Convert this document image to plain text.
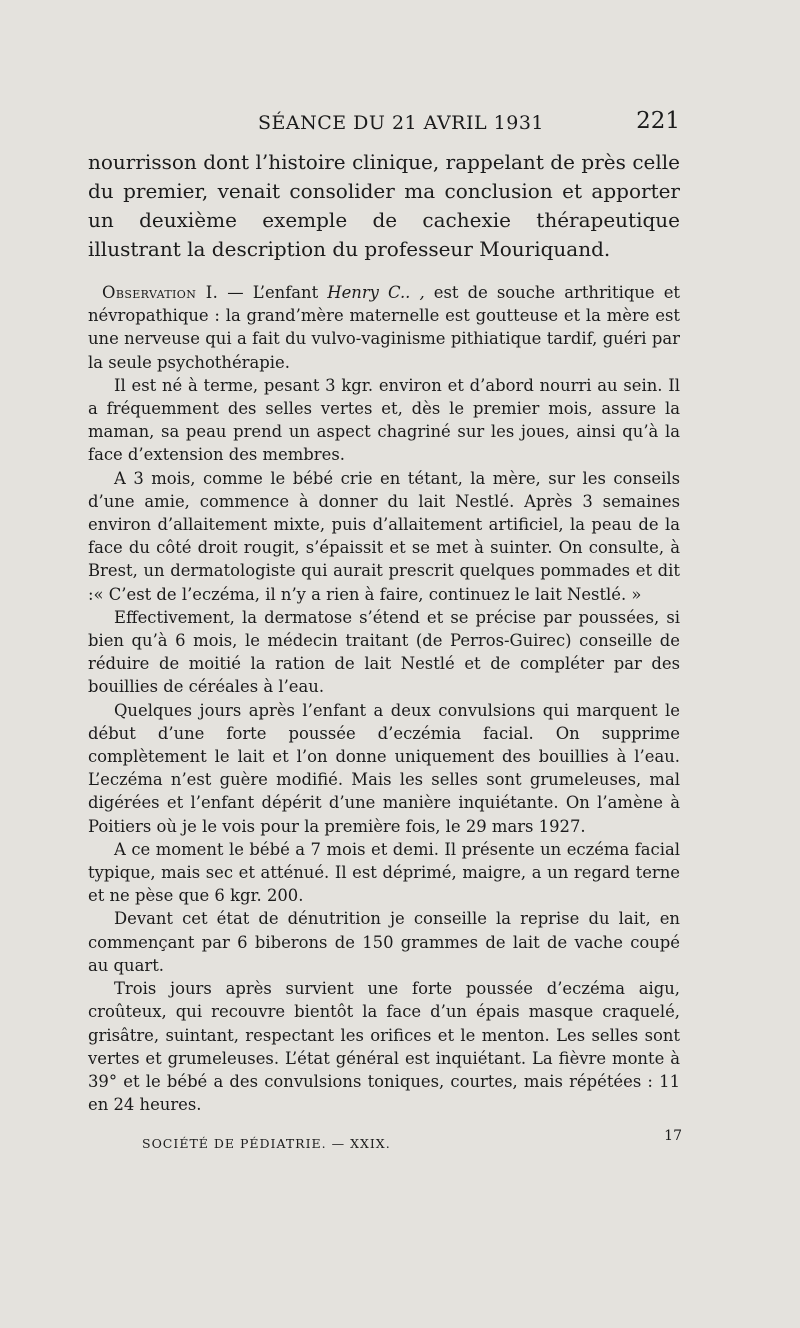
SÉANCE DU 21 AVRIL 1931	221

nourrisson dont l’histoire clinique, rappelant de près celle du premier, venait consolider ma conclusion et apporter un deuxième exemple de cachexie thérapeutique illustrant la description du professeur Mouriquand.

Observation I. — L’enfant Henry C.. , est de souche arthritique et névropathique : la grand’mère maternelle est goutteuse et la mère est une nerveuse qui a fait du vulvo-vaginisme pithiatique tardif, guéri par la seule psychothérapie.

Il est né à terme, pesant 3 kgr. environ et d’abord nourri au sein. Il a fréquemment des selles vertes et, dès le premier mois, assure la maman, sa peau prend un aspect chagriné sur les joues, ainsi qu’à la face d’extension des membres.

A 3 mois, comme le bébé crie en tétant, la mère, sur les conseils d’une amie, commence à donner du lait Nestlé. Après 3 semaines environ d’allaitement mixte, puis d’allaitement artificiel, la peau de la face du côté droit rougit, s’épaissit et se met à suinter. On consulte, à Brest, un dermatologiste qui aurait prescrit quelques pommades et dit :« C’est de l’eczéma, il n’y a rien à faire, continuez le lait Nestlé. »

Effectivement, la dermatose s’étend et se précise par poussées, si bien qu’à 6 mois, le médecin traitant (de Perros-Guirec) conseille de réduire de moitié la ration de lait Nestlé et de compléter par des bouillies de céréales à l’eau.

Quelques jours après l’enfant a deux convulsions qui marquent le début d’une forte poussée d’eczémia facial. On supprime complètement le lait et l’on donne uniquement des bouillies à l’eau. L’eczéma n’est guère modifié. Mais les selles sont grumeleuses, mal digérées et l’enfant dépérit d’une manière inquiétante. On l’amène à Poitiers où je le vois pour la première fois, le 29 mars 1927.

A ce moment le bébé a 7 mois et demi. Il présente un eczéma facial typique, mais sec et atténué. Il est déprimé, maigre, a un regard terne et ne pèse que 6 kgr. 200.

Devant cet état de dénutrition je conseille la reprise du lait, en commençant par 6 biberons de 150 grammes de lait de vache coupé au quart.

Trois jours après survient une forte poussée d’eczéma aigu, croûteux, qui recouvre bientôt la face d’un épais masque craquelé, grisâtre, suintant, respectant les orifices et le menton. Les selles sont vertes et grumeleuses. L’état général est inquiétant. La fièvre monte à 39° et le bébé a des convulsions toniques, courtes, mais répétées : 11 en 24 heures.

SOCIÉTÉ DE PÉDIATRIE. — XXIX.	17
